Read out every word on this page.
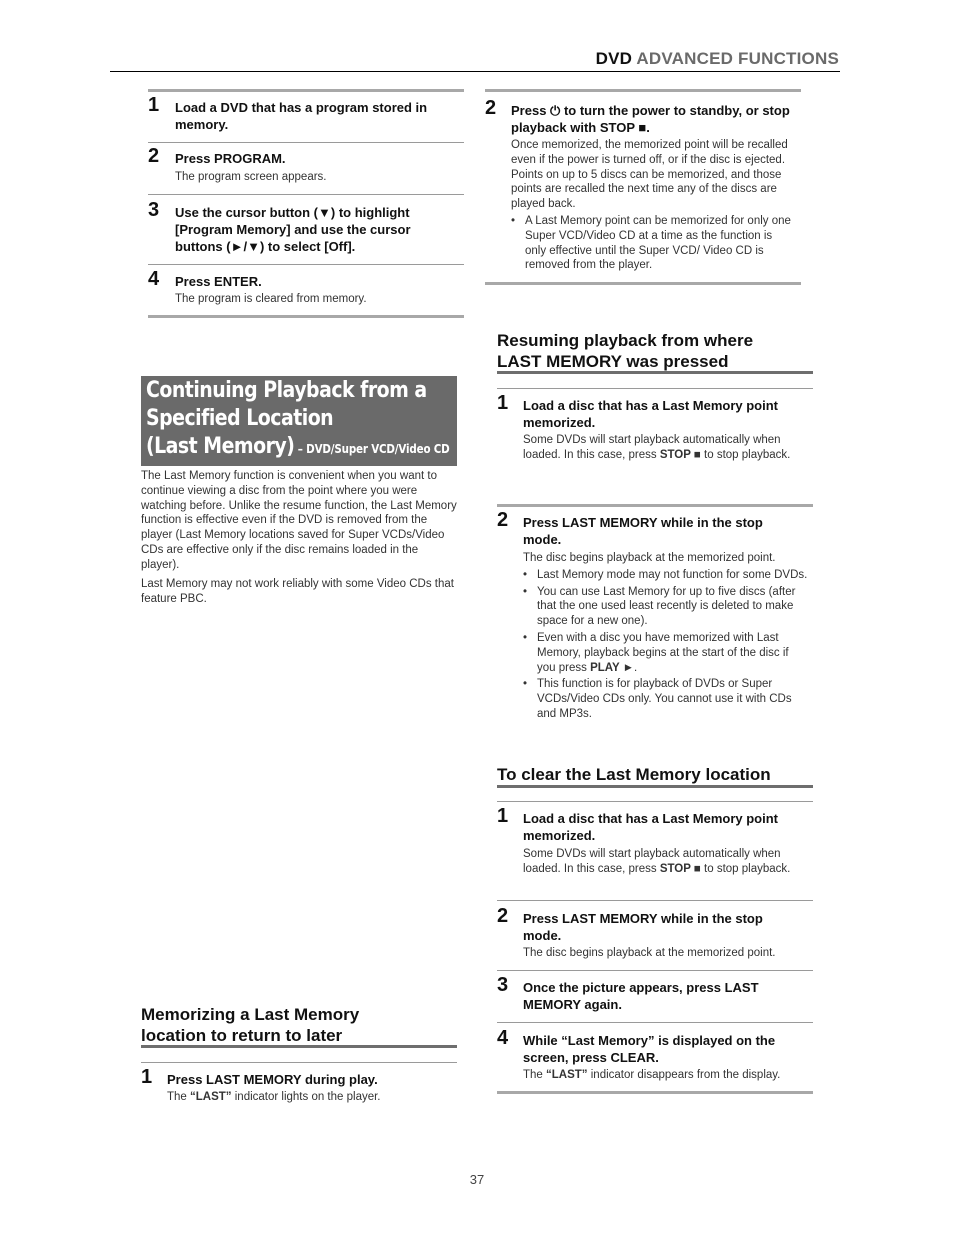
DVD ADVANCED FUNCTIONS
1 Load a DVD that has a program stored in memory.
2 Press PROGRAM.
The program screen appears.
3 Use the cursor button (▼) to highlight [Program Memory] and use the cursor buttons (►/▼) to select [Off].
4 Press ENTER.
The program is cleared from memory.
2 Press ⏻ to turn the power to standby, or stop playback with STOP ■.
Once memorized, the memorized point will be recalled even if the power is turned off, or if the disc is ejected. Points on up to 5 discs can be memorized, and those points are recalled the next time any of the discs are played back.
• A Last Memory point can be memorized for only one Super VCD/Video CD at a time as the function is only effective until the Super VCD/ Video CD is removed from the player.
Continuing Playback from a
Specified Location
(Last Memory) – DVD/Super VCD/Video CD
The Last Memory function is convenient when you want to continue viewing a disc from the point where you were watching before. Unlike the resume function, the Last Memory function is effective even if the DVD is removed from the player (Last Memory locations saved for Super VCDs/Video CDs are effective only if the disc remains loaded in the player).
Last Memory may not work reliably with some Video CDs that feature PBC.
Memorizing a Last Memory
location to return to later
1 Press LAST MEMORY during play.
The “LAST” indicator lights on the player.
Resuming playback from where
LAST MEMORY was pressed
1 Load a disc that has a Last Memory point memorized.
Some DVDs will start playback automatically when loaded. In this case, press STOP ■ to stop playback.
2 Press LAST MEMORY while in the stop mode.
The disc begins playback at the memorized point.
• Last Memory mode may not function for some DVDs.
• You can use Last Memory for up to five discs (after that the one used least recently is deleted to make space for a new one).
• Even with a disc you have memorized with Last Memory, playback begins at the start of the disc if you press PLAY ►.
• This function is for playback of DVDs or Super VCDs/Video CDs only. You cannot use it with CDs and MP3s.
To clear the Last Memory location
1 Load a disc that has a Last Memory point memorized.
Some DVDs will start playback automatically when loaded. In this case, press STOP ■ to stop playback.
2 Press LAST MEMORY while in the stop mode.
The disc begins playback at the memorized point.
3 Once the picture appears, press LAST MEMORY again.
4 While “Last Memory” is displayed on the screen, press CLEAR.
The “LAST” indicator disappears from the display.
37
